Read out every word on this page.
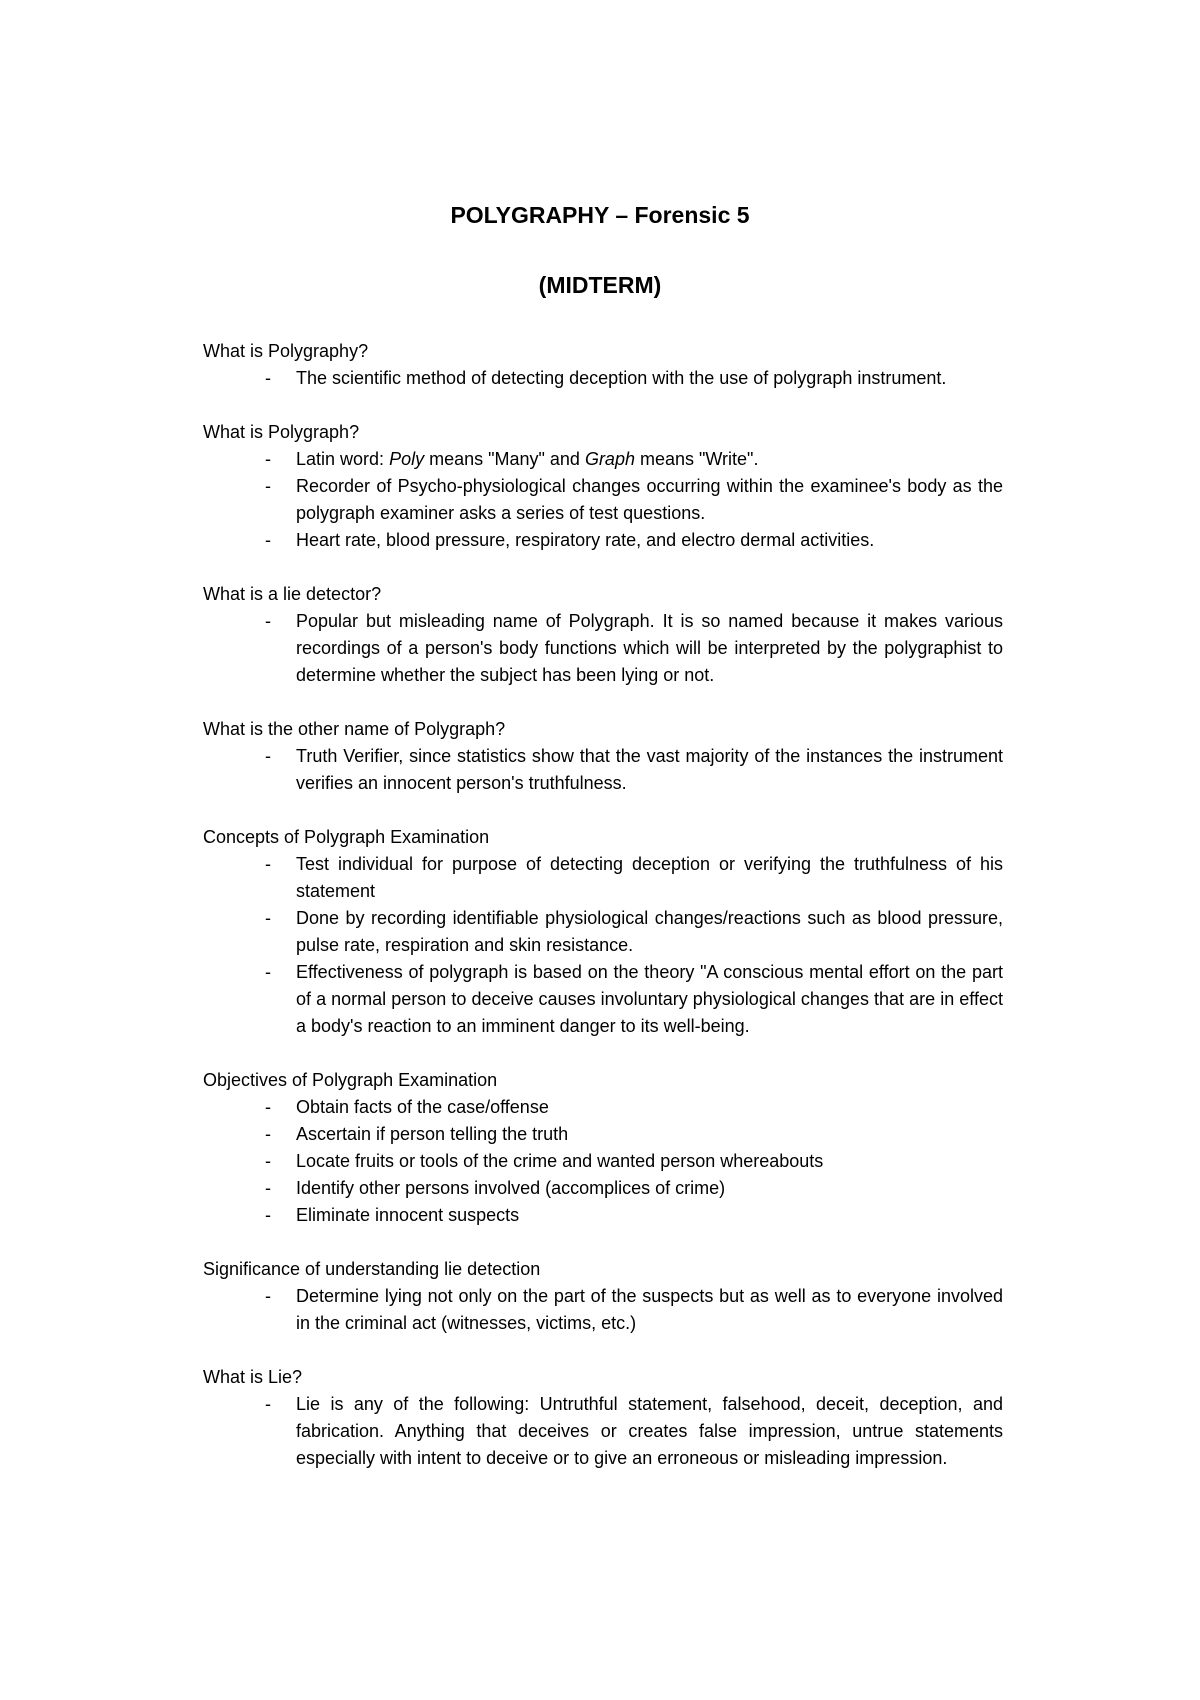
POLYGRAPHY – Forensic 5
(MIDTERM)
What is Polygraphy?
- The scientific method of detecting deception with the use of polygraph instrument.
What is Polygraph?
- Latin word: Poly means "Many" and Graph means "Write".
- Recorder of Psycho-physiological changes occurring within the examinee's body as the polygraph examiner asks a series of test questions.
- Heart rate, blood pressure, respiratory rate, and electro dermal activities.
What is a lie detector?
- Popular but misleading name of Polygraph. It is so named because it makes various recordings of a person's body functions which will be interpreted by the polygraphist to determine whether the subject has been lying or not.
What is the other name of Polygraph?
- Truth Verifier, since statistics show that the vast majority of the instances the instrument verifies an innocent person's truthfulness.
Concepts of Polygraph Examination
- Test individual for purpose of detecting deception or verifying the truthfulness of his statement
- Done by recording identifiable physiological changes/reactions such as blood pressure, pulse rate, respiration and skin resistance.
- Effectiveness of polygraph is based on the theory "A conscious mental effort on the part of a normal person to deceive causes involuntary physiological changes that are in effect a body's reaction to an imminent danger to its well-being.
Objectives of Polygraph Examination
- Obtain facts of the case/offense
- Ascertain if person telling the truth
- Locate fruits or tools of the crime and wanted person whereabouts
- Identify other persons involved (accomplices of crime)
- Eliminate innocent suspects
Significance of understanding lie detection
- Determine lying not only on the part of the suspects but as well as to everyone involved in the criminal act (witnesses, victims, etc.)
What is Lie?
- Lie is any of the following: Untruthful statement, falsehood, deceit, deception, and fabrication. Anything that deceives or creates false impression, untrue statements especially with intent to deceive or to give an erroneous or misleading impression.
